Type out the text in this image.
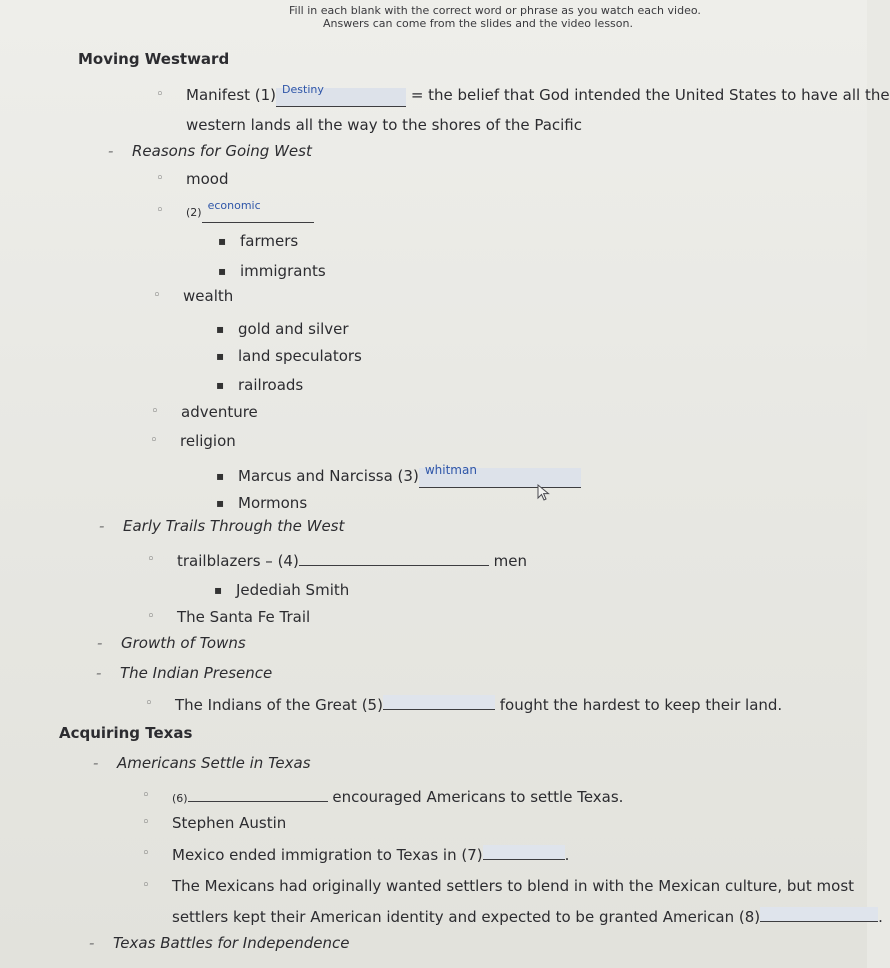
Fill in each blank with the correct word or phrase as you watch each video.
Answers can come from the slides and the video lesson.
Moving Westward
◦ Manifest (1) Destiny	= the belief that God intended the United States to have all the
western lands all the way to the shores of the Pacific
- Reasons for Going West
◦ mood
◦ (2)economic
▪ farmers
▪ immigrants
◦ wealth
▪ gold and silver
▪ land speculators
▪ railroads
◦ adventure
◦ religion
▪ Marcus and Narcissa (3) whitman
▪ Mormons
- Early Trails Through the West
◦ trailblazers – (4)	men
▪ Jedediah Smith
◦ The Santa Fe Trail
- Growth of Towns
- The Indian Presence
◦ The Indians of the Great (5)	fought the hardest to keep their land.
Acquiring Texas
- Americans Settle in Texas
◦ (6)	encouraged Americans to settle Texas.
◦ Stephen Austin
◦ Mexico ended immigration to Texas in (7)	.
◦ The Mexicans had originally wanted settlers to blend in with the Mexican culture, but most
settlers kept their American identity and expected to be granted American (8)	.
- Texas Battles for Independence
